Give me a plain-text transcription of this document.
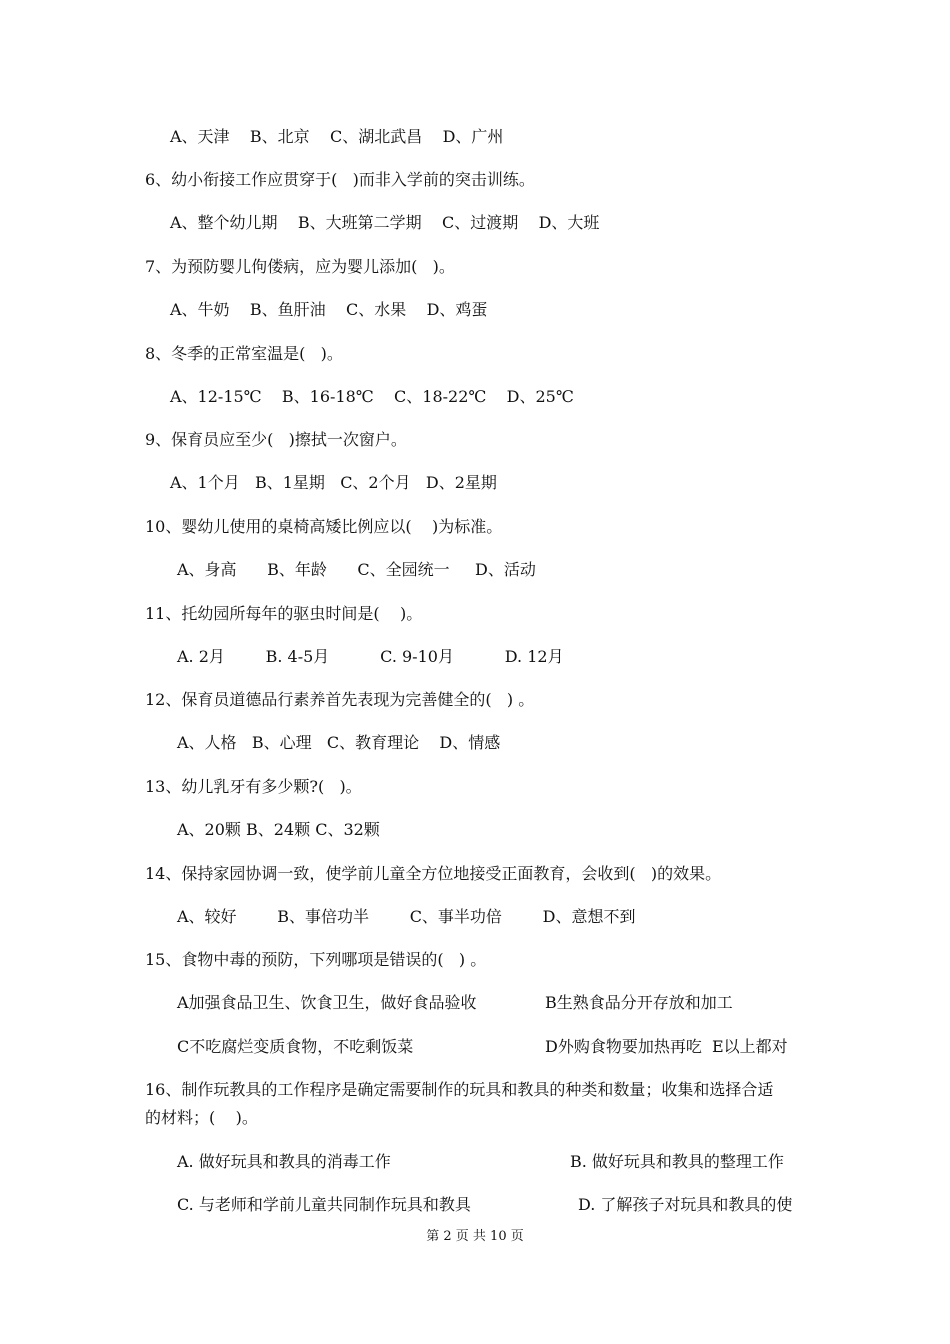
A、天津    B、北京    C、湖北武昌    D、广州
6、幼小衔接工作应贯穿于(   )而非入学前的突击训练。
A、整个幼儿期    B、大班第二学期    C、过渡期    D、大班
7、为预防婴儿佝偻病，应为婴儿添加(   )。
A、牛奶    B、鱼肝油    C、水果    D、鸡蛋
8、冬季的正常室温是(   )。
A、12-15℃    B、16-18℃    C、18-22℃    D、25℃
9、保育员应至少(   )擦拭一次窗户。
A、1个月   B、1星期   C、2个月   D、2星期
10、婴幼儿使用的桌椅高矮比例应以(    )为标准。
A、身高      B、年龄      C、全园统一     D、活动
11、托幼园所每年的驱虫时间是(    )。
A. 2月        B. 4-5月          C. 9-10月          D. 12月
12、保育员道德品行素养首先表现为完善健全的(   ) 。
A、人格   B、心理   C、教育理论    D、情感
13、幼儿乳牙有多少颗?(   )。
A、20颗 B、24颗 C、32颗
14、保持家园协调一致，使学前儿童全方位地接受正面教育，会收到(   )的效果。
A、较好        B、事倍功半        C、事半功倍        D、意想不到
15、食物中毒的预防，下列哪项是错误的(   ) 。
A加强食品卫生、饮食卫生，做好食品验收	B生熟食品分开存放和加工
C不吃腐烂变质食物，不吃剩饭菜	D外购食物要加热再吃  E以上都对
16、制作玩教具的工作程序是确定需要制作的玩具和教具的种类和数量；收集和选择合适
的材料；(    )。
A. 做好玩具和教具的消毒工作	B. 做好玩具和教具的整理工作
C. 与老师和学前儿童共同制作玩具和教具	D. 了解孩子对玩具和教具的使
第 2 页 共 10 页
